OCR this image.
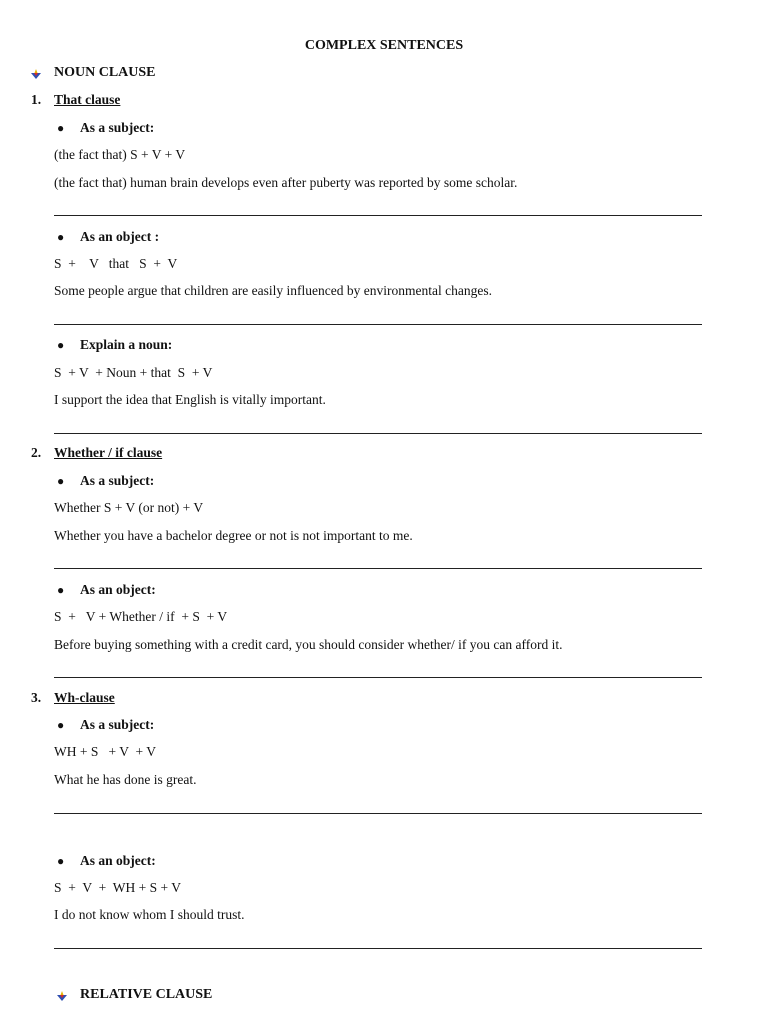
COMPLEX SENTENCES
NOUN CLAUSE
1. That clause
● As a subject:
(the fact that) S + V + V
(the fact that) human brain develops even after puberty was reported by some scholar.
● As an object :
S  +    V   that   S  +  V
Some people argue that children are easily influenced by environmental changes.
● Explain a noun:
S  + V  + Noun + that  S  + V
I support the idea that English is vitally important.
2. Whether / if clause
● As a subject:
Whether S + V (or not) + V
Whether you have a bachelor degree or not is not important to me.
● As an object:
S  +   V + Whether / if  + S  + V
Before buying something with a credit card, you should consider whether/ if you can afford it.
3. Wh-clause
● As a subject:
WH + S   + V  + V
What he has done is great.
● As an object:
S  +  V  +  WH + S + V
I do not know whom I should trust.
RELATIVE CLAUSE
